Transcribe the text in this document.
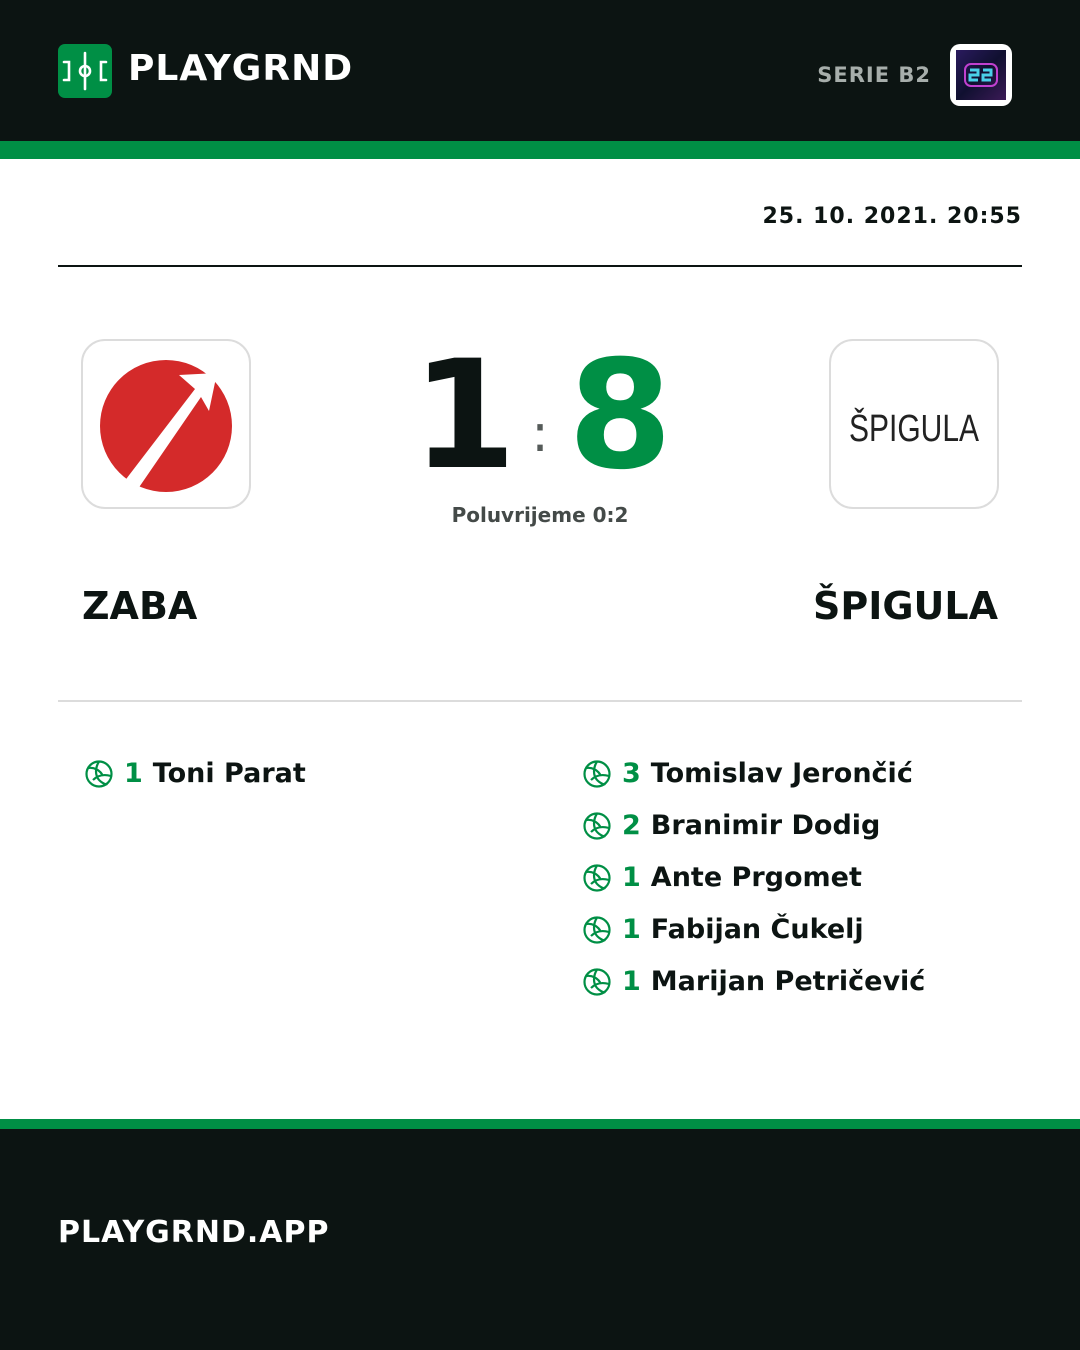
PLAYGRND	SERIE B2
25. 10. 2021. 20:55
1 : 8
Poluvrijeme 0:2
ŠPIGULA
ZABA	ŠPIGULA
1 Toni Parat	3 Tomislav Jerončić
2 Branimir Dodig
1 Ante Prgomet
1 Fabijan Čukelj
1 Marijan Petričević
PLAYGRND.APP
